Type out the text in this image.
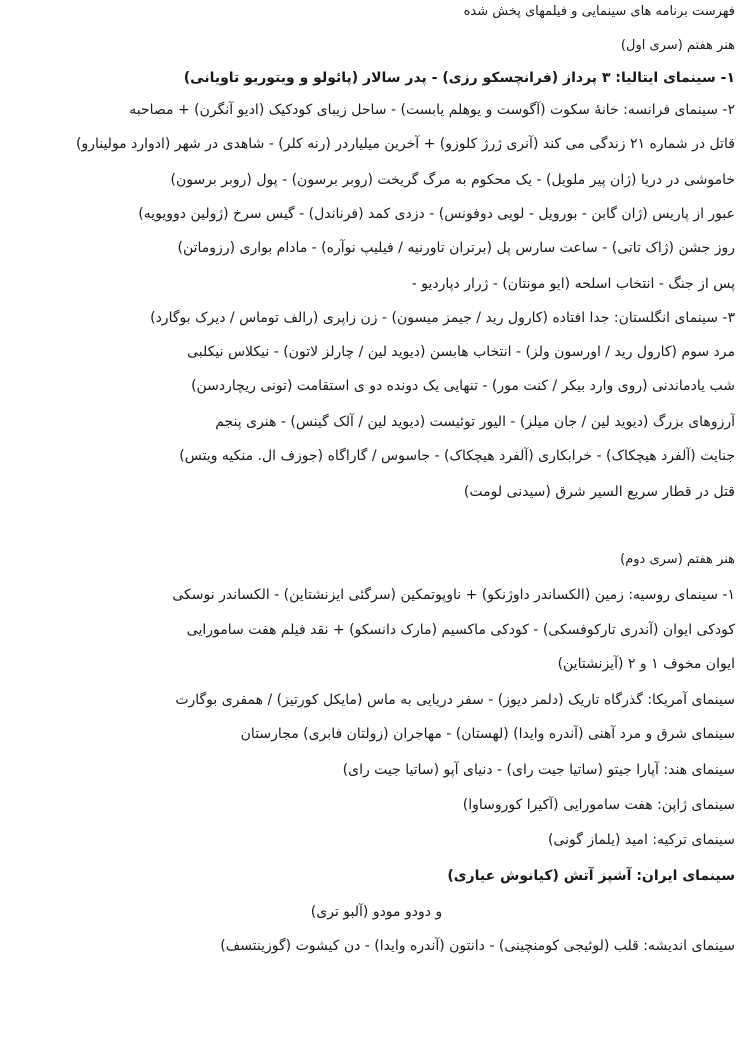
فهرست برنامه های سینمایی و فیلمهای پخش شده
هنر هفتم (سری اول)
۱- سینمای ایتالیا: ۳ پرداز (فرانچسکو رزی) - پدر سالار (پائولو و ویتوریو تاویانی)
۲- سینمای فرانسه: خانهٔ سکوت (آگوست و یوهلم یابست) - ساحل زیبای کودکیک (ادیو آنگرن) + مصاحبه
قاتل در شماره ۲۱ زندگی می کند (آنری ژرژ کلوزو) + آخرین میلیاردر (رنه کلر) - شاهدی در شهر (ادوارد مولینارو)
خاموشی در دریا (ژان پیر ملویل) - یک محکوم به مرگ گریخت (روبر برسون) - پول (روبر برسون)
عبور از پاریس (ژان گابن - بورویل - لویی دوفونس) - دزدی کمد (فرناندل) - گیس سرخ (ژولین دوویویه)
روز جشن (ژاک تاتی) - ساعت سارس پل (برتران تاورنیه / فیلیپ نوآره) - مادام بواری (رزوماتن)
پس از جنگ - انتخاب اسلحه (ایو مونتان) - ژرار دپاردیو -
۳- سینمای انگلستان: جدا افتاده (کارول رید / جیمز میسون) - زن زاپری (رالف توماس / دیرک بوگارد)
مرد سوم (کارول رید / اورسون ولز) - انتخاب هابسن (دیوید لین / چارلز لاتون) - نیکلاس نیکلبی
شب یادماندنی (روی وارد بیکر / کنت مور) - تنهایی یک دونده دو ی استقامت (تونی ریچاردسن)
آرزوهای بزرگ (دیوید لین / جان میلز) - الیور توئیست (دیوید لین / آلک گینس) - هنری پنجم
جنایت (آلفرد هیچکاک) - خرابکاری (آلفرد هیچکاک) - جاسوس / گاراگاه (جوزف ال. منکیه ویتس)
قتل در قطار سریع السیر شرق (سیدنی لومت)
هنر هفتم (سری دوم)
۱- سینمای روسیه: زمین (الکساندر داوژنکو) + ناوپوتمکین (سرگئی ایزنشتاین) - الکساندر نوسکی
کودکی ایوان (آندری تارکوفسکی) - کودکی ماکسیم (مارک دانسکو) + نقد فیلم هفت سامورایی
ایوان مخوف ۱ و ۲ (آیزنشتاین)
سینمای آمریکا: گذرگاه تاریک (دلمر دیوز) - سفر دریایی به ماس (مایکل کورتیز) / همفری بوگارت
سینمای شرق و مرد آهنی (آندره وایدا) (لهستان) - مهاجران (زولتان فابری) مجارستان
سینمای هند: آپارا جیتو (ساتیا جیت رای) - دنیای آپو (ساتیا جیت رای)
سینمای ژاپن: هفت سامورایی (آکیرا کوروساوا)
سینمای ترکیه: امید (یلماز گونی)
سینمای ایران: آشپز آتش (کیانوش عیاری)
و دودو مودو (آلبو تری)
سینمای اندیشه: قلب (لوئیجی کومنچینی) - دانتون (آندره وایدا) - دن کیشوت (گوزینتسف)
